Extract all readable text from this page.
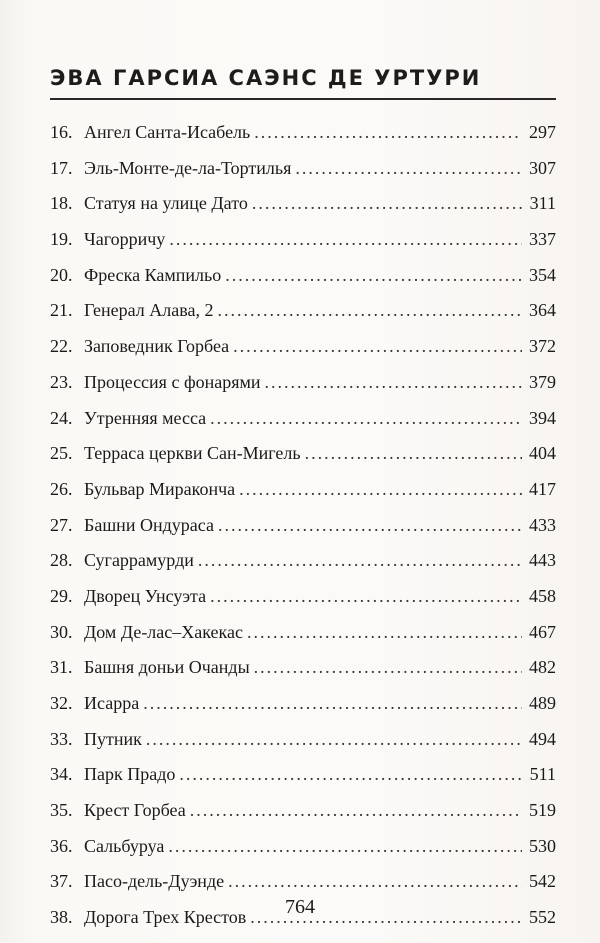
ЭВА ГАРСИА САЭНС ДЕ УРТУРИ
16. Ангел Санта-Исабель .....	297
17. Эль-Монте-де-ла-Тортилья .....	307
18. Статуя на улице Дато .....	311
19. Чагорричу .....	337
20. Фреска Кампильо .....	354
21. Генерал Алава, 2 .....	364
22. Заповедник Горбеа .....	372
23. Процессия с фонарями .....	379
24. Утренняя месса .....	394
25. Терраса церкви Сан-Мигель .....	404
26. Бульвар Мираконча .....	417
27. Башни Ондураса .....	433
28. Сугаррамурди .....	443
29. Дворец Унсуэта .....	458
30. Дом Де-лас–Хакекас .....	467
31. Башня доньи Очанды .....	482
32. Исарра .....	489
33. Путник .....	494
34. Парк Прадо .....	511
35. Крест Горбеа .....	519
36. Сальбуруа .....	530
37. Пасо-дель-Дуэнде .....	542
38. Дорога Трех Крестов .....	552
764
